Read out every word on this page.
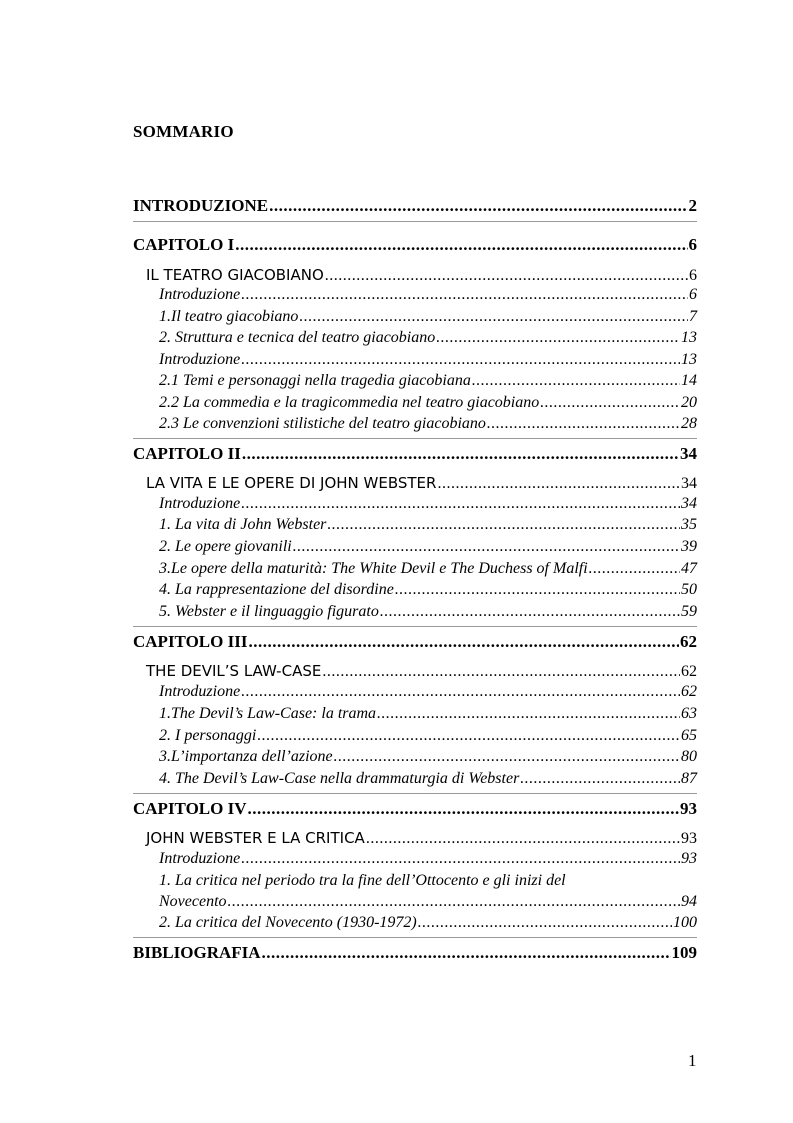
SOMMARIO
INTRODUZIONE .....	2
CAPITOLO I .....	6
IL TEATRO GIACOBIANO .....	6
Introduzione .....	6
1.Il teatro giacobiano .....	7
2. Struttura e tecnica del teatro giacobiano .....	13
Introduzione .....	13
2.1 Temi e personaggi nella tragedia giacobiana .....	14
2.2 La commedia e la tragicommedia nel teatro giacobiano .....	20
2.3 Le convenzioni stilistiche del teatro giacobiano .....	28
CAPITOLO II .....	34
LA VITA E LE OPERE DI JOHN WEBSTER .....	34
Introduzione .....	34
1. La vita di John Webster .....	35
2. Le opere giovanili .....	39
3.Le opere della maturità: The White Devil e The Duchess of Malfi .....	47
4. La rappresentazione del disordine .....	50
5. Webster e il linguaggio figurato .....	59
CAPITOLO III .....	62
THE DEVIL’S LAW-CASE .....	62
Introduzione .....	62
1.The Devil’s Law-Case: la trama .....	63
2. I personaggi .....	65
3.L’importanza dell’azione .....	80
4. The Devil’s Law-Case nella drammaturgia di Webster .....	87
CAPITOLO IV .....	93
JOHN WEBSTER E LA CRITICA .....	93
Introduzione .....	93
1. La critica nel periodo tra la fine dell’Ottocento e gli inizi del
Novecento .....	94
2. La critica del Novecento (1930-1972) .....	100
BIBLIOGRAFIA .....	109
1
